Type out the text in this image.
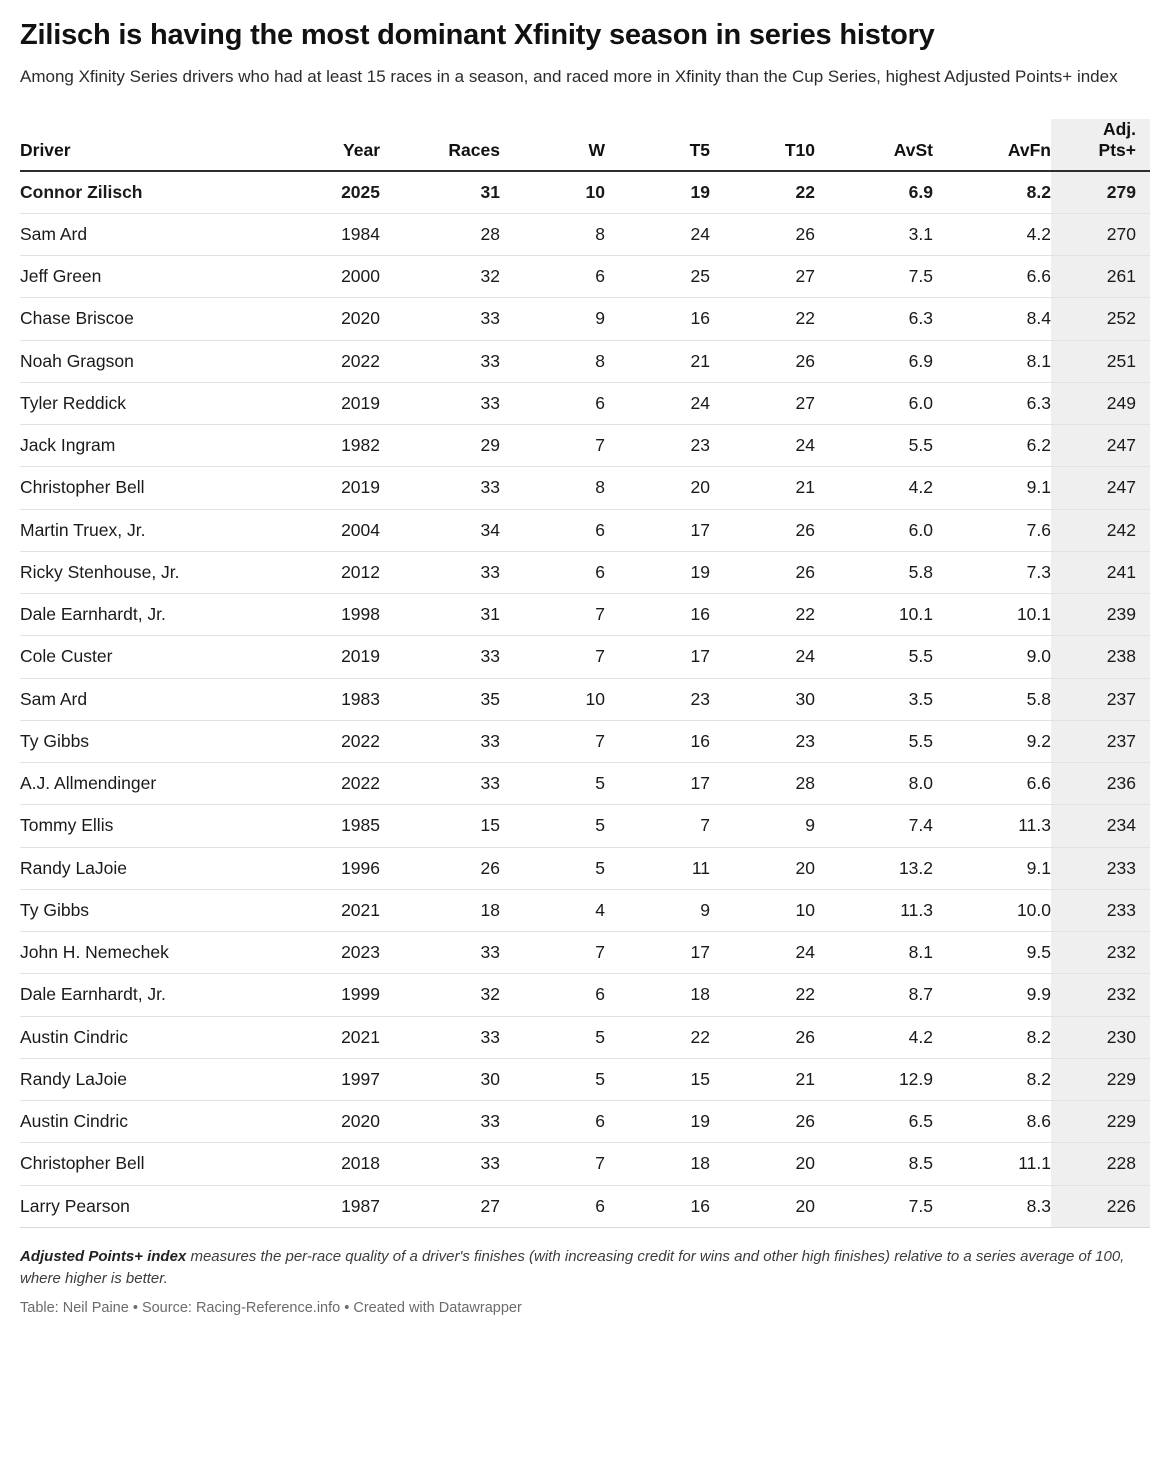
Zilisch is having the most dominant Xfinity season in series history
Among Xfinity Series drivers who had at least 15 races in a season, and raced more in Xfinity than the Cup Series, highest Adjusted Points+ index
Driver	Year	Races	W	T5	T10	AvSt	AvFn	Adj.
Pts+
Connor Zilisch	2025	31	10	19	22	6.9	8.2	279
Sam Ard	1984	28	8	24	26	3.1	4.2	270
Jeff Green	2000	32	6	25	27	7.5	6.6	261
Chase Briscoe	2020	33	9	16	22	6.3	8.4	252
Noah Gragson	2022	33	8	21	26	6.9	8.1	251
Tyler Reddick	2019	33	6	24	27	6.0	6.3	249
Jack Ingram	1982	29	7	23	24	5.5	6.2	247
Christopher Bell	2019	33	8	20	21	4.2	9.1	247
Martin Truex, Jr.	2004	34	6	17	26	6.0	7.6	242
Ricky Stenhouse, Jr.	2012	33	6	19	26	5.8	7.3	241
Dale Earnhardt, Jr.	1998	31	7	16	22	10.1	10.1	239
Cole Custer	2019	33	7	17	24	5.5	9.0	238
Sam Ard	1983	35	10	23	30	3.5	5.8	237
Ty Gibbs	2022	33	7	16	23	5.5	9.2	237
A.J. Allmendinger	2022	33	5	17	28	8.0	6.6	236
Tommy Ellis	1985	15	5	7	9	7.4	11.3	234
Randy LaJoie	1996	26	5	11	20	13.2	9.1	233
Ty Gibbs	2021	18	4	9	10	11.3	10.0	233
John H. Nemechek	2023	33	7	17	24	8.1	9.5	232
Dale Earnhardt, Jr.	1999	32	6	18	22	8.7	9.9	232
Austin Cindric	2021	33	5	22	26	4.2	8.2	230
Randy LaJoie	1997	30	5	15	21	12.9	8.2	229
Austin Cindric	2020	33	6	19	26	6.5	8.6	229
Christopher Bell	2018	33	7	18	20	8.5	11.1	228
Larry Pearson	1987	27	6	16	20	7.5	8.3	226
Adjusted Points+ index measures the per-race quality of a driver's finishes (with increasing credit for wins and other high finishes) relative to a series average of 100, where higher is better.
Table: Neil Paine • Source: Racing-Reference.info • Created with Datawrapper
